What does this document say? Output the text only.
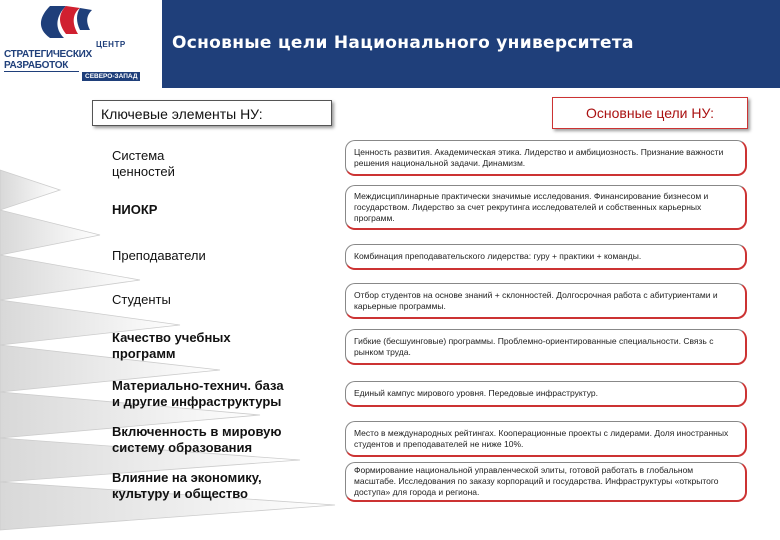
ЦЕНТР
СТРАТЕГИЧЕСКИХ
РАЗРАБОТОК
СЕВЕРО-ЗАПАД
Основные цели Национального университета
Ключевые элементы НУ:	Основные цели НУ:
Система
ценностей
НИОКР
Преподаватели
Студенты
Качество учебных
программ
Материально-технич. база
и другие инфраструктуры
Включенность в мировую
систему образования
Влияние на экономику,
культуру и общество
Ценность развития. Академическая этика. Лидерство и амбициозность. Признание важности решения национальной задачи. Динамизм.
Междисциплинарные практически значимые исследования. Финансирование бизнесом и государством. Лидерство за счет рекрутинга исследователей и собственных карьерных программ.
Комбинация преподавательского лидерства: гуру + практики + команды.
Отбор студентов на основе знаний + склонностей. Долгосрочная работа с абитуриентами и карьерные программы.
Гибкие (бесшуинговые) программы. Проблемно-ориентированные специальности. Связь с рынком труда.
Единый кампус мирового уровня. Передовые инфраструктур.
Место в международных рейтингах. Кооперационные проекты с лидерами. Доля иностранных студентов и преподавателей не ниже 10%.
Формирование национальной управленческой элиты, готовой работать в глобальном масштабе. Исследования по заказу корпораций и государства. Инфраструктуры «открытого доступа» для города и региона.
